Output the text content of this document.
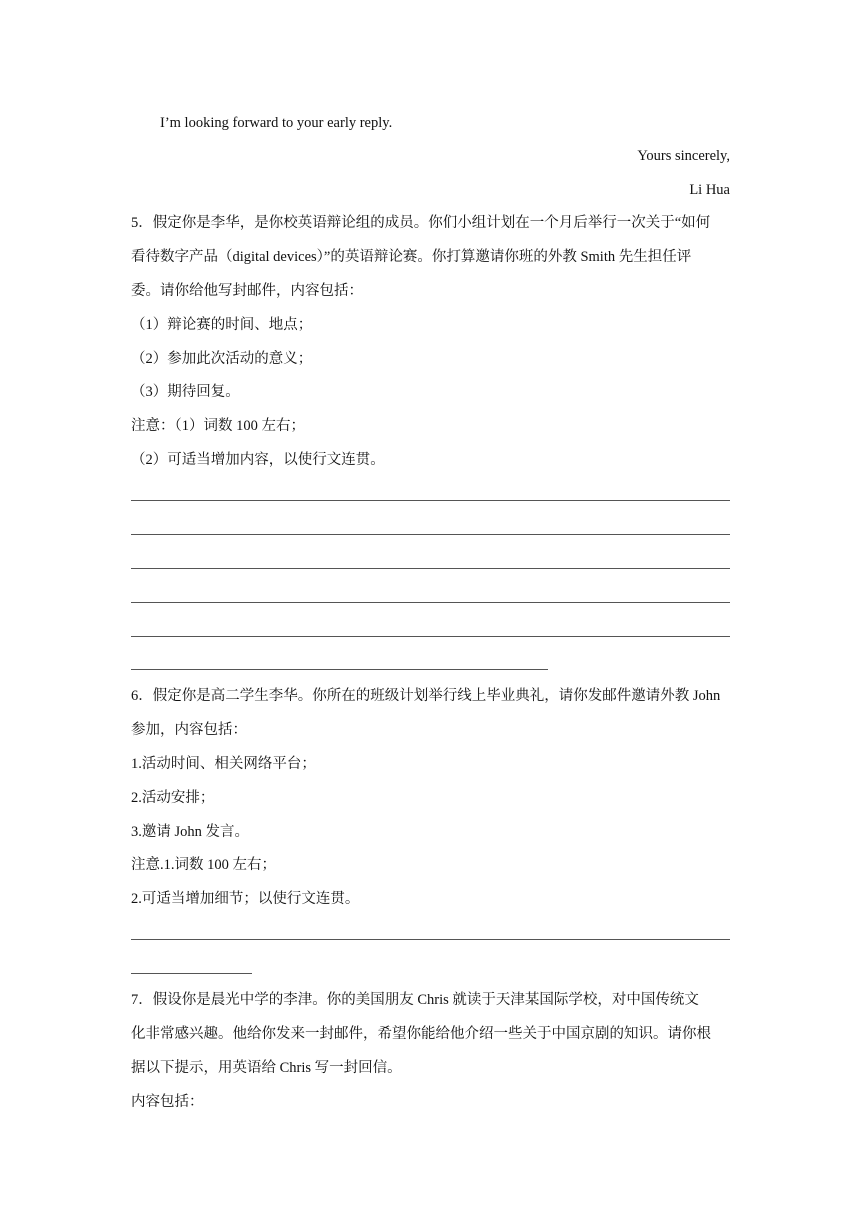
I’m looking forward to your early reply.
Yours sincerely,
Li Hua
5．假定你是李华，是你校英语辩论组的成员。你们小组计划在一个月后举行一次关于“如何
看待数字产品（digital devices）”的英语辩论赛。你打算邀请你班的外教 Smith 先生担任评
委。请你给他写封邮件，内容包括：
（1）辩论赛的时间、地点；
（2）参加此次活动的意义；
（3）期待回复。
注意：（1）词数 100 左右；
（2）可适当增加内容，以使行文连贯。
6．假定你是高二学生李华。你所在的班级计划举行线上毕业典礼，请你发邮件邀请外教 John
参加，内容包括：
1.活动时间、相关网络平台；
2.活动安排；
3.邀请 John 发言。
注意.1.词数 100 左右；
2.可适当增加细节；以使行文连贯。
7．假设你是晨光中学的李津。你的美国朋友 Chris 就读于天津某国际学校，对中国传统文
化非常感兴趣。他给你发来一封邮件，希望你能给他介绍一些关于中国京剧的知识。请你根
据以下提示，用英语给 Chris 写一封回信。
内容包括：
